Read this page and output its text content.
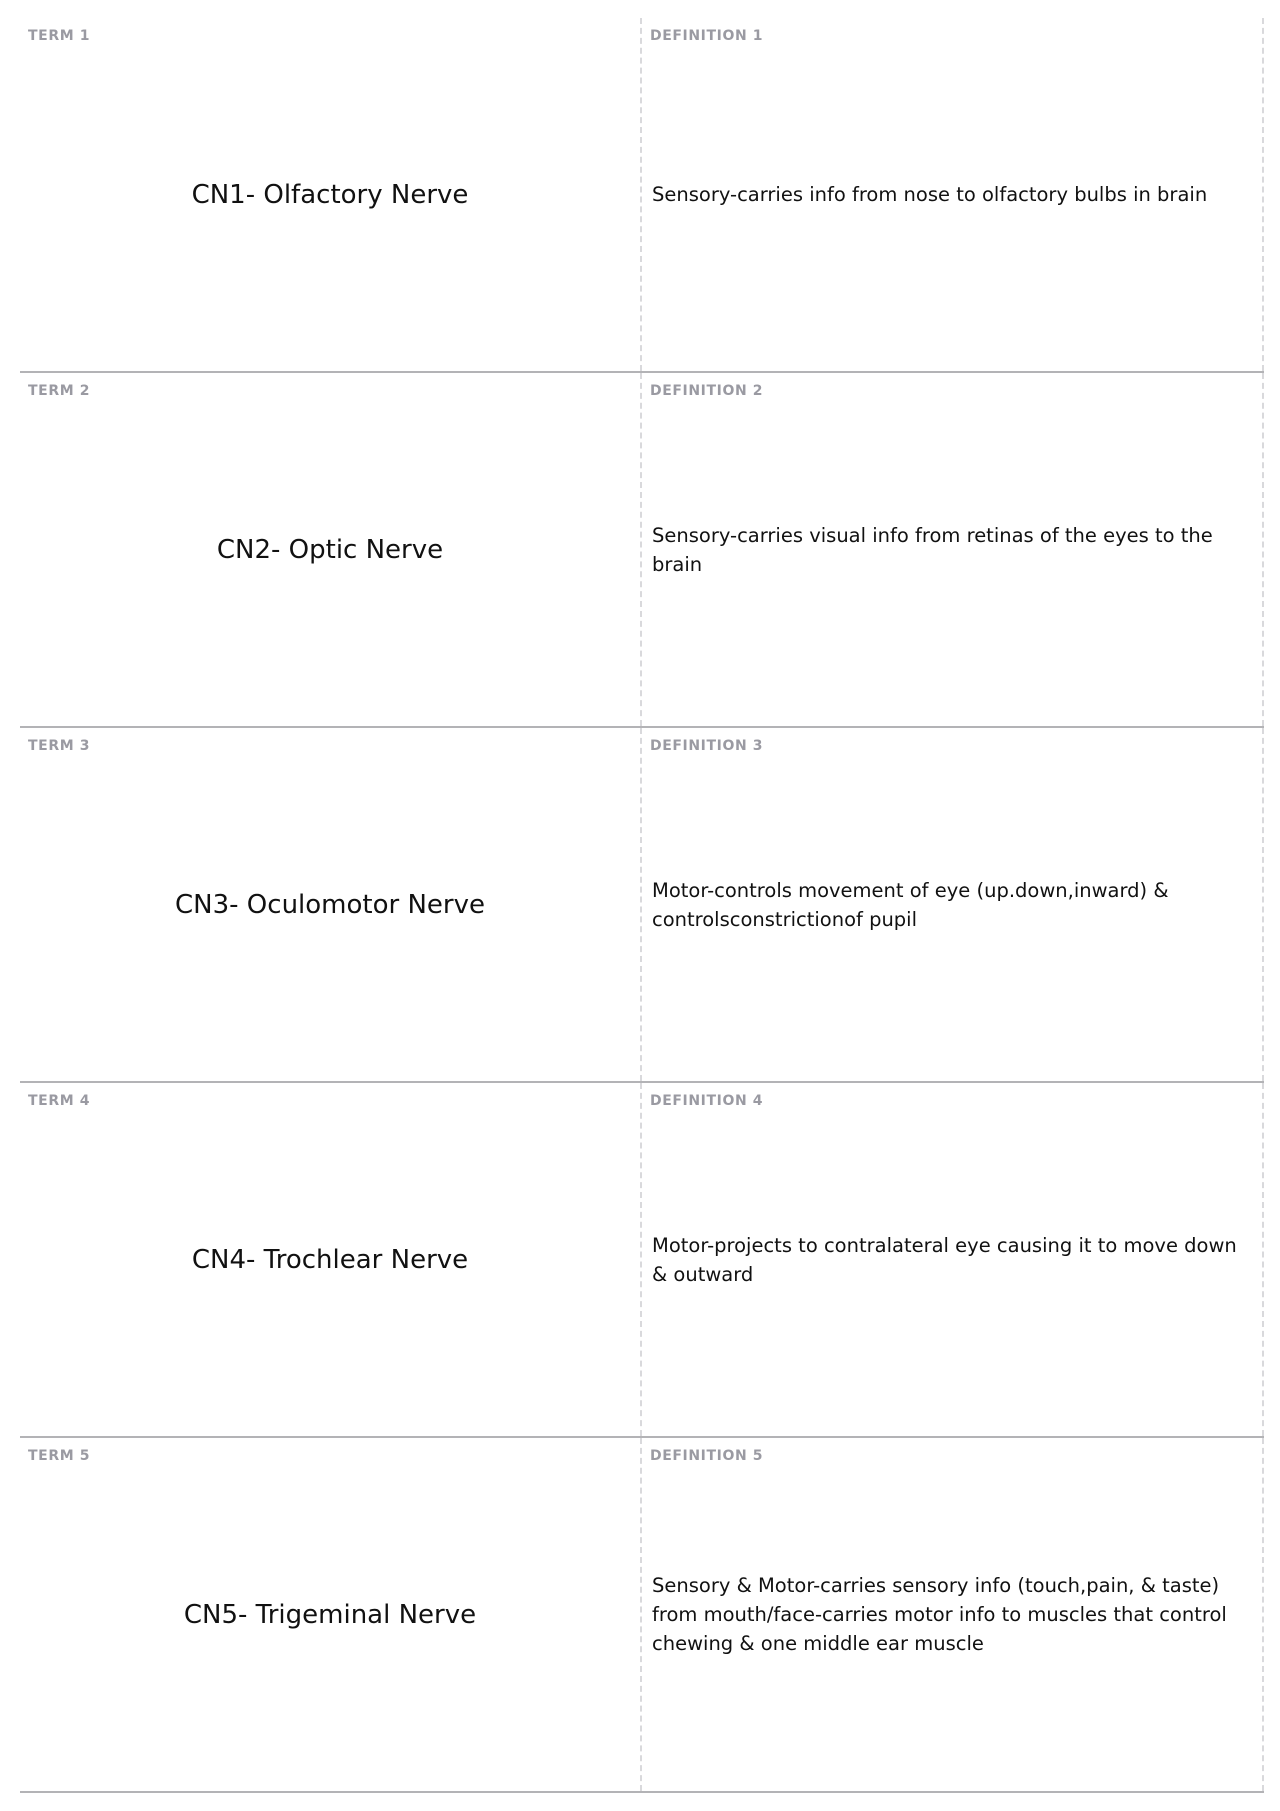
TERM 1
CN1- Olfactory Nerve
DEFINITION 1
Sensory-carries info from nose to olfactory bulbs in brain
TERM 2
CN2- Optic Nerve
DEFINITION 2
Sensory-carries visual info from retinas of the eyes to the brain
TERM 3
CN3- Oculomotor Nerve
DEFINITION 3
Motor-controls movement of eye (up.down,inward) & controlsconstrictionof pupil
TERM 4
CN4- Trochlear Nerve
DEFINITION 4
Motor-projects to contralateral eye causing it to move down & outward
TERM 5
CN5- Trigeminal Nerve
DEFINITION 5
Sensory & Motor-carries sensory info (touch,pain, & taste) from mouth/face-carries motor info to muscles that control chewing & one middle ear muscle
